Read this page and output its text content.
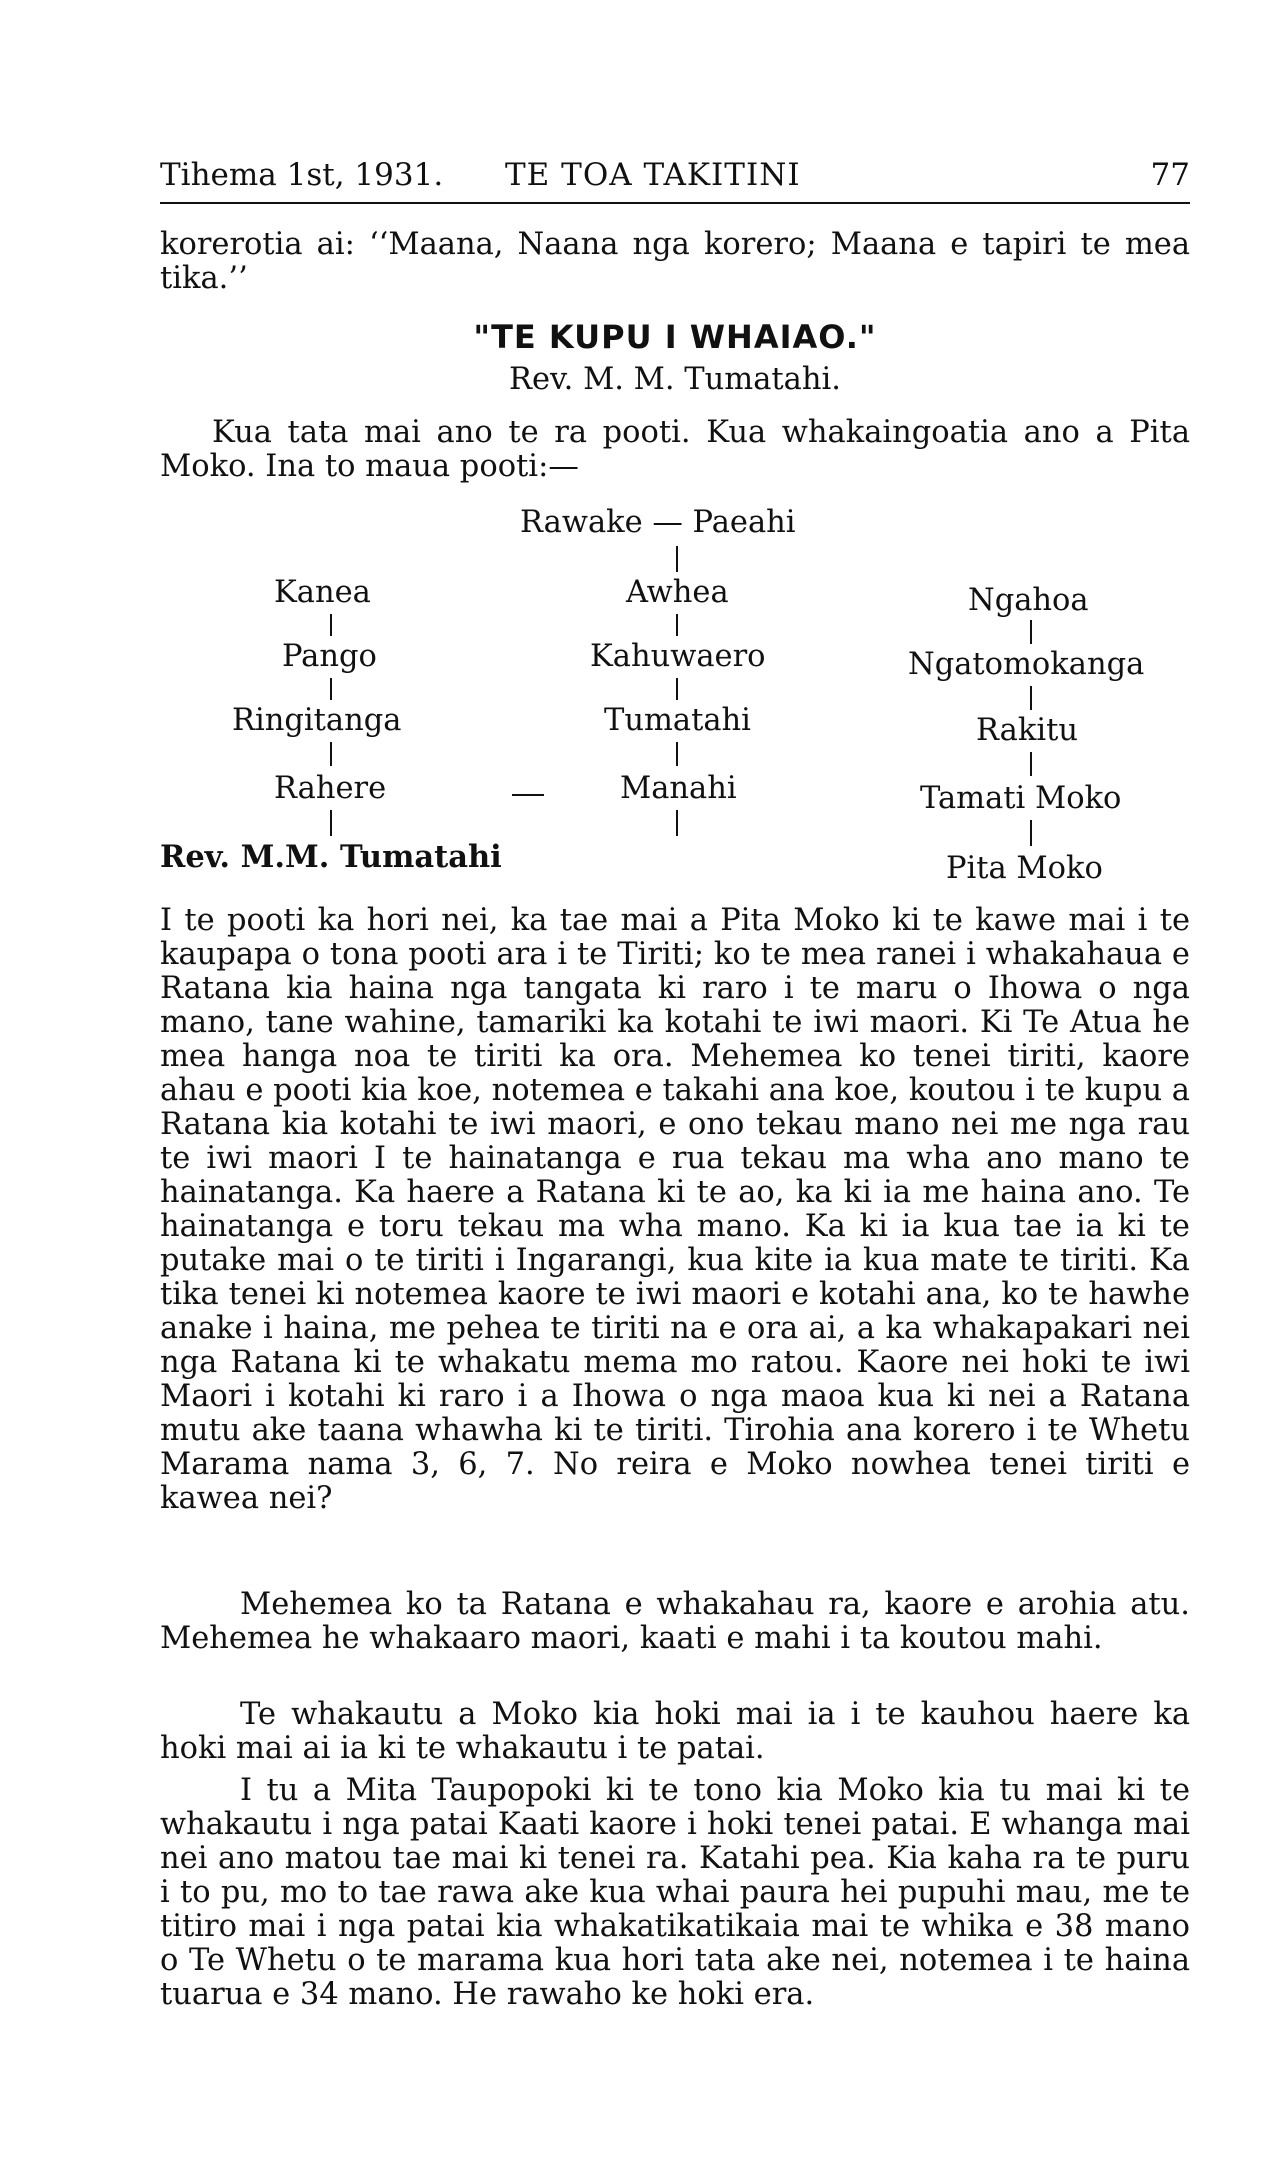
Tihema 1st, 1931. TE TOA TAKITINI	77
korerotia ai: ‘‘Maana, Naana nga korero; Maana e tapiri te mea tika.’’
"TE KUPU I WHAIAO."
Rev. M. M. Tumatahi.
Kua tata mai ano te ra pooti. Kua whakaingoatia ano a Pita Moko. Ina to maua pooti:—
Rawake — Paeahi
Kanea
Pango
Ringitanga
Rahere
Rev. M.M. Tumatahi
Awhea
Kahuwaero
Tumatahi
Manahi
Ngahoa
Ngatomokanga
Rakitu
Tamati Moko
Pita Moko
I te pooti ka hori nei, ka tae mai a Pita Moko ki te kawe mai i te kaupapa o tona pooti ara i te Tiriti; ko te mea ranei i whakahaua e Ratana kia haina nga tangata ki raro i te maru o Ihowa o nga mano, tane wahine, tamariki ka kotahi te iwi maori. Ki Te Atua he mea hanga noa te tiriti ka ora. Mehemea ko tenei tiriti, kaore ahau e pooti kia koe, notemea e takahi ana koe, koutou i te kupu a Ratana kia kotahi te iwi maori, e ono tekau mano nei me nga rau te iwi maori I te hainatanga e rua tekau ma wha ano mano te hainatanga. Ka haere a Ratana ki te ao, ka ki ia me haina ano. Te hainatanga e toru tekau ma wha mano. Ka ki ia kua tae ia ki te putake mai o te tiriti i Ingarangi, kua kite ia kua mate te tiriti. Ka tika tenei ki notemea kaore te iwi maori e kotahi ana, ko te hawhe anake i haina, me pehea te tiriti na e ora ai, a ka whakapakari nei nga Ratana ki te whakatu mema mo ratou. Kaore nei hoki te iwi Maori i kotahi ki raro i a Ihowa o nga maoa kua ki nei a Ratana mutu ake taana whawha ki te tiriti. Tirohia ana korero i te Whetu Marama nama 3, 6, 7. No reira e Moko nowhea tenei tiriti e kawea nei?
Mehemea ko ta Ratana e whakahau ra, kaore e arohia atu. Mehemea he whakaaro maori, kaati e mahi i ta koutou mahi.
Te whakautu a Moko kia hoki mai ia i te kauhou haere ka hoki mai ai ia ki te whakautu i te patai.
I tu a Mita Taupopoki ki te tono kia Moko kia tu mai ki te whakautu i nga patai Kaati kaore i hoki tenei patai. E whanga mai nei ano matou tae mai ki tenei ra. Katahi pea. Kia kaha ra te puru i to pu, mo to tae rawa ake kua whai paura hei pupuhi mau, me te titiro mai i nga patai kia whakatikatikaia mai te whika e 38 mano o Te Whetu o te marama kua hori tata ake nei, notemea i te haina tuarua e 34 mano. He rawaho ke hoki era.
